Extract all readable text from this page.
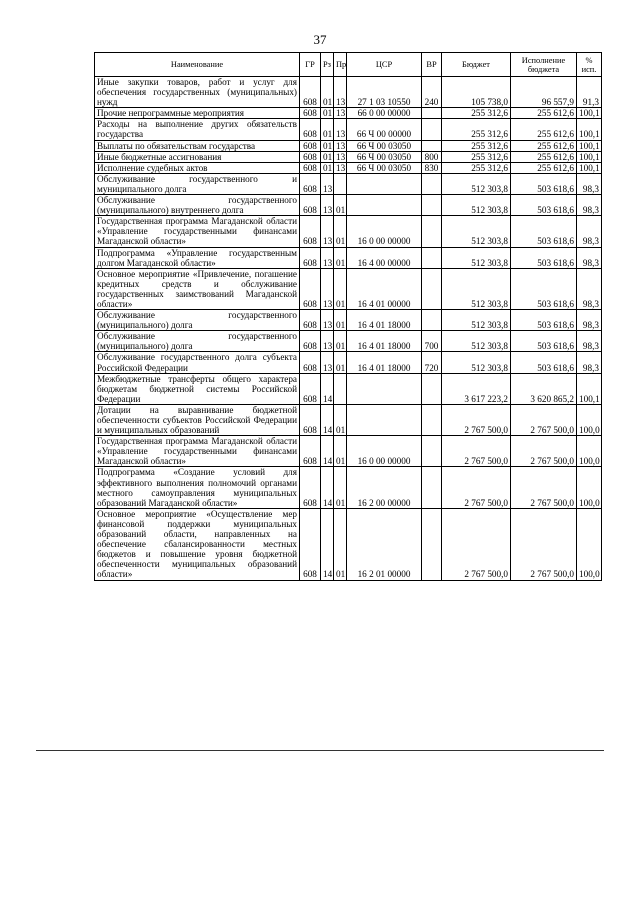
37
Наименование	ГР	Рз	Пр	ЦСР	ВР	Бюджет	Исполнение бюджета	% исп.
Иные закупки товаров, работ и услуг для обеспечения государственных (муниципальных) нужд	608	01	13	27 1 03 10550	240	105 738,0	96 557,9	91,3
Прочие непрограммные мероприятия	608	01	13	66 0 00 00000		255 312,6	255 612,6	100,1
Расходы на выполнение других обязательств государства	608	01	13	66 Ч 00 00000		255 312,6	255 612,6	100,1
Выплаты по обязательствам государства	608	01	13	66 Ч 00 03050		255 312,6	255 612,6	100,1
Иные бюджетные ассигнования	608	01	13	66 Ч 00 03050	800	255 312,6	255 612,6	100,1
Исполнение судебных актов	608	01	13	66 Ч 00 03050	830	255 312,6	255 612,6	100,1
Обслуживание государственного и муниципального долга	608	13				512 303,8	503 618,6	98,3
Обслуживание государственного (муниципального) внутреннего долга	608	13	01			512 303,8	503 618,6	98,3
Государственная программа Магаданской области «Управление государственными финансами Магаданской области»	608	13	01	16 0 00 00000		512 303,8	503 618,6	98,3
Подпрограмма «Управление государственным долгом Магаданской области»	608	13	01	16 4 00 00000		512 303,8	503 618,6	98,3
Основное мероприятие «Привлечение, погашение кредитных средств и обслуживание государственных заимствований Магаданской области»	608	13	01	16 4 01 00000		512 303,8	503 618,6	98,3
Обслуживание государственного (муниципального) долга	608	13	01	16 4 01 18000		512 303,8	503 618,6	98,3
Обслуживание государственного (муниципального) долга	608	13	01	16 4 01 18000	700	512 303,8	503 618,6	98,3
Обслуживание государственного долга субъекта Российской Федерации	608	13	01	16 4 01 18000	720	512 303,8	503 618,6	98,3
Межбюджетные трансферты общего характера бюджетам бюджетной системы Российской Федерации	608	14				3 617 223,2	3 620 865,2	100,1
Дотации на выравнивание бюджетной обеспеченности субъектов Российской Федерации и муниципальных образований	608	14	01			2 767 500,0	2 767 500,0	100,0
Государственная программа Магаданской области «Управление государственными финансами Магаданской области»	608	14	01	16 0 00 00000		2 767 500,0	2 767 500,0	100,0
Подпрограмма «Создание условий для эффективного выполнения полномочий органами местного самоуправления муниципальных образований Магаданской области»	608	14	01	16 2 00 00000		2 767 500,0	2 767 500,0	100,0
Основное мероприятие «Осуществление мер финансовой поддержки муниципальных образований области, направленных на обеспечение сбалансированности местных бюджетов и повышение уровня бюджетной обеспеченности муниципальных образований области»	608	14	01	16 2 01 00000		2 767 500,0	2 767 500,0	100,0
